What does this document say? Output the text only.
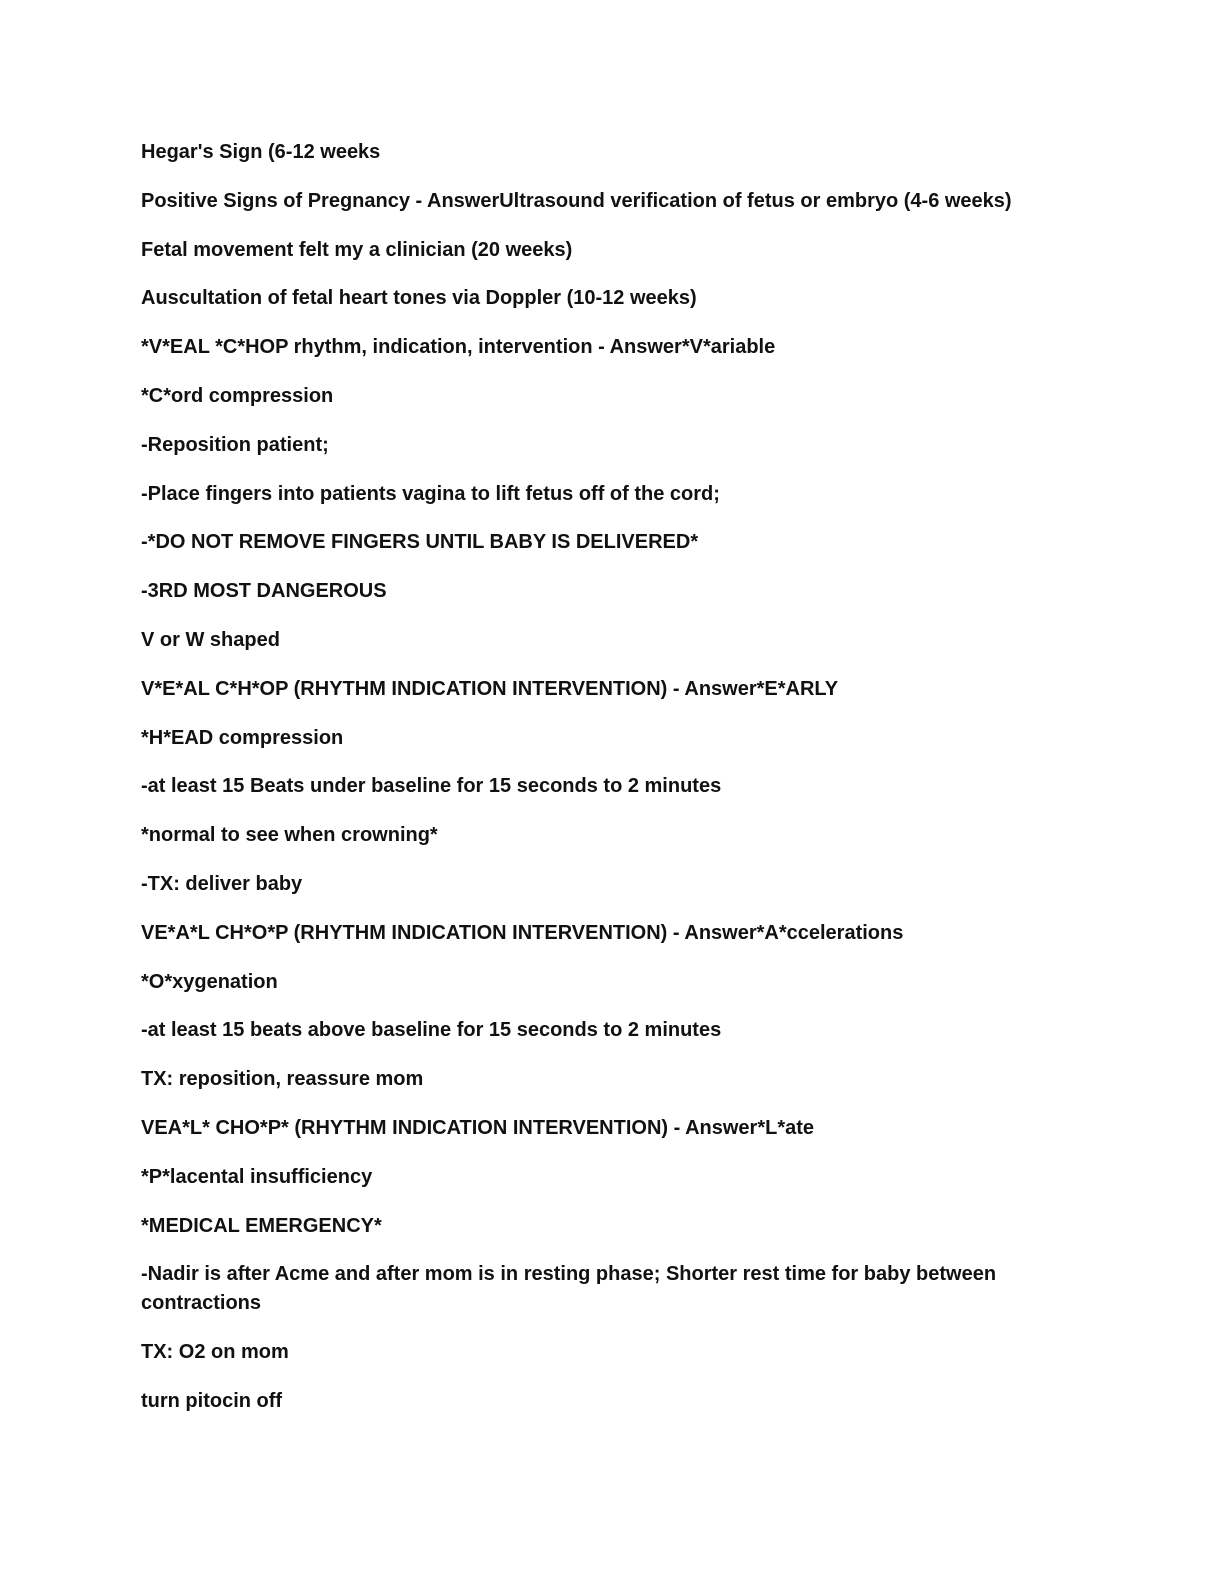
Hegar's Sign (6-12 weeks

Positive Signs of Pregnancy - AnswerUltrasound verification of fetus or embryo (4-6 weeks)

Fetal movement felt my a clinician (20 weeks)

Auscultation of fetal heart tones via Doppler (10-12 weeks)

*V*EAL *C*HOP rhythm, indication, intervention - Answer*V*ariable

*C*ord compression

-Reposition patient;

-Place fingers into patients vagina to lift fetus off of the cord;

-*DO NOT REMOVE FINGERS UNTIL BABY IS DELIVERED*

-3RD MOST DANGEROUS

V or W shaped

V*E*AL C*H*OP (RHYTHM INDICATION INTERVENTION) - Answer*E*ARLY

*H*EAD compression

-at least 15 Beats under baseline for 15 seconds to 2 minutes

*normal to see when crowning*

-TX: deliver baby

VE*A*L CH*O*P (RHYTHM INDICATION INTERVENTION) - Answer*A*ccelerations

*O*xygenation

-at least 15 beats above baseline for 15 seconds to 2 minutes

TX: reposition, reassure mom

VEA*L* CHO*P* (RHYTHM INDICATION INTERVENTION) - Answer*L*ate

*P*lacental insufficiency

*MEDICAL EMERGENCY*

-Nadir is after Acme and after mom is in resting phase; Shorter rest time for baby between contractions

TX: O2 on mom

turn pitocin off
